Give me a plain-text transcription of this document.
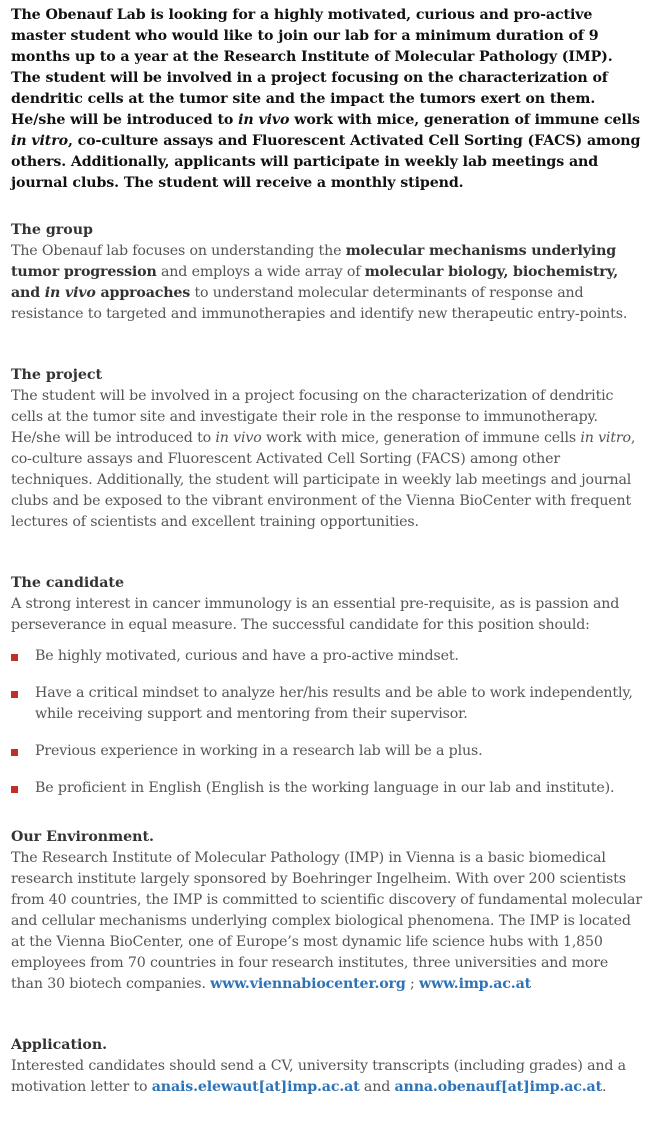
The Obenauf Lab is looking for a highly motivated, curious and pro-active master student who would like to join our lab for a minimum duration of 9 months up to a year at the Research Institute of Molecular Pathology (IMP). The student will be involved in a project focusing on the characterization of dendritic cells at the tumor site and the impact the tumors exert on them. He/she will be introduced to in vivo work with mice, generation of immune cells in vitro, co-culture assays and Fluorescent Activated Cell Sorting (FACS) among others. Additionally, applicants will participate in weekly lab meetings and journal clubs. The student will receive a monthly stipend.

The group

The Obenauf lab focuses on understanding the molecular mechanisms underlying tumor progression and employs a wide array of molecular biology, biochemistry, and in vivo approaches to understand molecular determinants of response and resistance to targeted and immunotherapies and identify new therapeutic entry-points.

The project

The student will be involved in a project focusing on the characterization of dendritic cells at the tumor site and investigate their role in the response to immunotherapy. He/she will be introduced to in vivo work with mice, generation of immune cells in vitro, co-culture assays and Fluorescent Activated Cell Sorting (FACS) among other techniques. Additionally, the student will participate in weekly lab meetings and journal clubs and be exposed to the vibrant environment of the Vienna BioCenter with frequent lectures of scientists and excellent training opportunities.

The candidate

A strong interest in cancer immunology is an essential pre-requisite, as is passion and perseverance in equal measure. The successful candidate for this position should:

Be highly motivated, curious and have a pro-active mindset.
Have a critical mindset to analyze her/his results and be able to work independently, while receiving support and mentoring from their supervisor.
Previous experience in working in a research lab will be a plus.
Be proficient in English (English is the working language in our lab and institute).

Our Environment.

The Research Institute of Molecular Pathology (IMP) in Vienna is a basic biomedical research institute largely sponsored by Boehringer Ingelheim. With over 200 scientists from 40 countries, the IMP is committed to scientific discovery of fundamental molecular and cellular mechanisms underlying complex biological phenomena. The IMP is located at the Vienna BioCenter, one of Europe’s most dynamic life science hubs with 1,850 employees from 70 countries in four research institutes, three universities and more than 30 biotech companies. www.viennabiocenter.org ; www.imp.ac.at

Application.

Interested candidates should send a CV, university transcripts (including grades) and a motivation letter to anais.elewaut[at]imp.ac.at and anna.obenauf[at]imp.ac.at.
